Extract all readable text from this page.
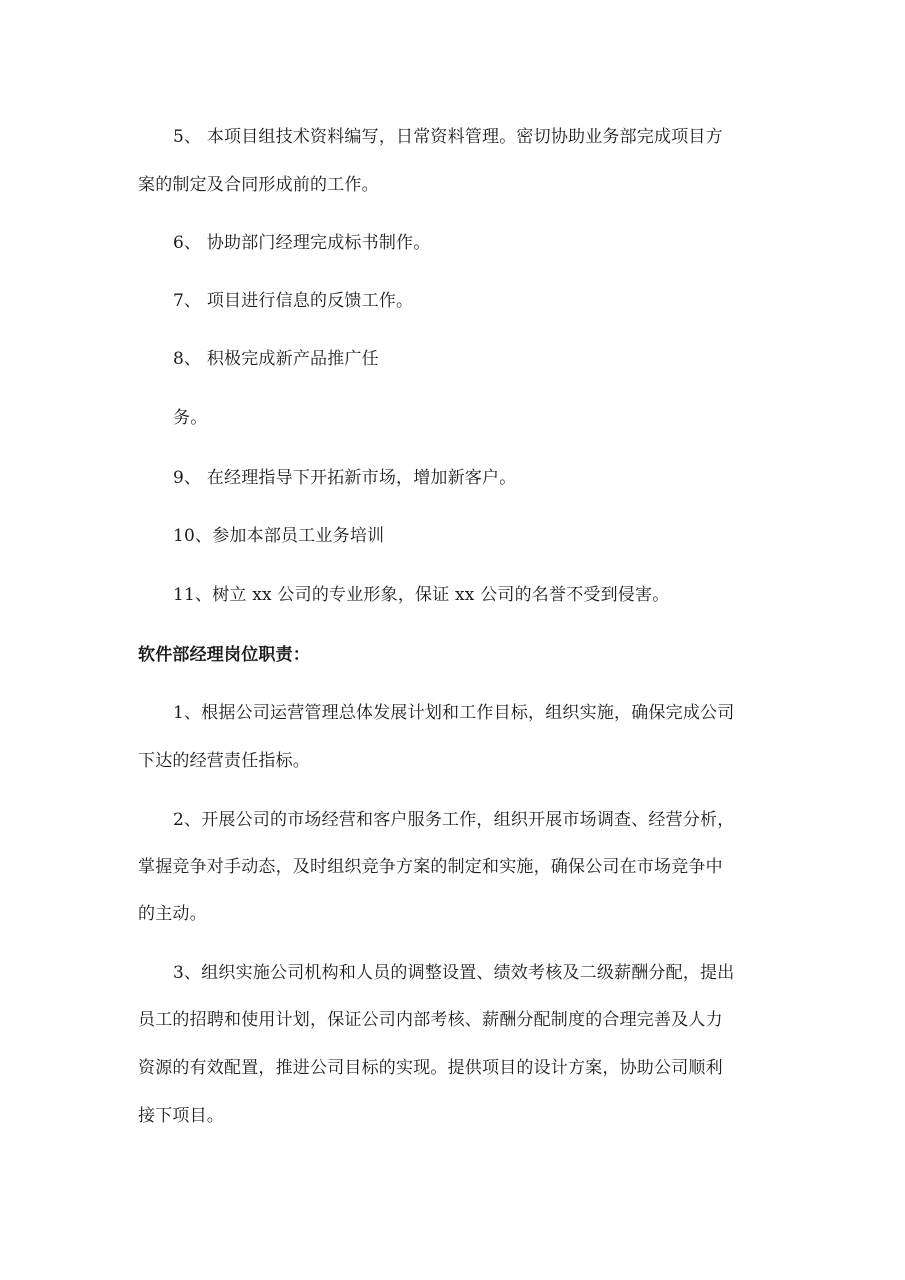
5、 本项目组技术资料编写，日常资料管理。密切协助业务部完成项目方
案的制定及合同形成前的工作。
6、 协助部门经理完成标书制作。
7、 项目进行信息的反馈工作。
8、 积极完成新产品推广任
务。
9、 在经理指导下开拓新市场，增加新客户。
10、参加本部员工业务培训
11、树立 xx 公司的专业形象，保证 xx 公司的名誉不受到侵害。
软件部经理岗位职责：
1、根据公司运营管理总体发展计划和工作目标，组织实施，确保完成公司
下达的经营责任指标。
2、开展公司的市场经营和客户服务工作，组织开展市场调查、经营分析，
掌握竞争对手动态，及时组织竞争方案的制定和实施，确保公司在市场竞争中
的主动。
3、组织实施公司机构和人员的调整设置、绩效考核及二级薪酬分配，提出
员工的招聘和使用计划，保证公司内部考核、薪酬分配制度的合理完善及人力
资源的有效配置，推进公司目标的实现。提供项目的设计方案，协助公司顺利
接下项目。
